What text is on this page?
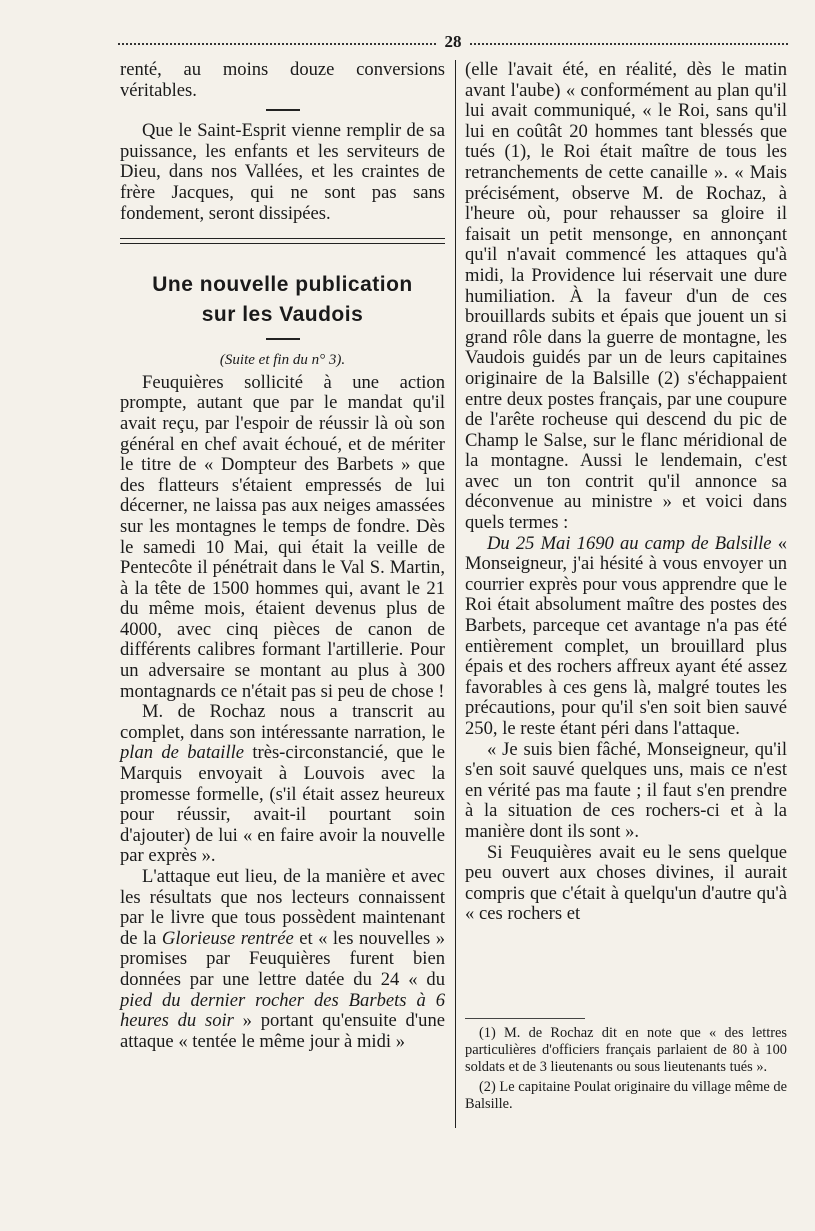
28

renté, au moins douze conversions véritables.

Que le Saint-Esprit vienne remplir de sa puissance, les enfants et les serviteurs de Dieu, dans nos Vallées, et les craintes de frère Jacques, qui ne sont pas sans fondement, seront dissipées.

Une nouvelle publication
sur les Vaudois
(Suite et fin du n° 3).

Feuquières sollicité à une action prompte, autant que par le mandat qu'il avait reçu, par l'espoir de réussir là où son général en chef avait échoué, et de mériter le titre de « Dompteur des Barbets » que des flatteurs s'étaient empressés de lui décerner, ne laissa pas aux neiges amassées sur les montagnes le temps de fondre. Dès le samedi 10 Mai, qui était la veille de Pentecôte il pénétrait dans le Val S. Martin, à la tête de 1500 hommes qui, avant le 21 du même mois, étaient devenus plus de 4000, avec cinq pièces de canon de différents calibres formant l'artillerie. Pour un adversaire se montant au plus à 300 montagnards ce n'était pas si peu de chose !

M. de Rochaz nous a transcrit au complet, dans son intéressante narration, le plan de bataille très-circonstancié, que le Marquis envoyait à Louvois avec la promesse formelle, (s'il était assez heureux pour réussir, avait-il pourtant soin d'ajouter) de lui « en faire avoir la nouvelle par exprès ».

L'attaque eut lieu, de la manière et avec les résultats que nos lecteurs connaissent par le livre que tous possèdent maintenant de la Glorieuse rentrée et « les nouvelles » promises par Feuquières furent bien données par une lettre datée du 24 « du pied du dernier rocher des Barbets à 6 heures du soir » portant qu'ensuite d'une attaque « tentée le même jour à midi »

(elle l'avait été, en réalité, dès le matin avant l'aube) « conformément au plan qu'il lui avait communiqué, « le Roi, sans qu'il lui en coûtât 20 hommes tant blessés que tués (1), le Roi était maître de tous les retranchements de cette canaille ». « Mais précisément, observe M. de Rochaz, à l'heure où, pour rehausser sa gloire il faisait un petit mensonge, en annonçant qu'il n'avait commencé les attaques qu'à midi, la Providence lui réservait une dure humiliation. À la faveur d'un de ces brouillards subits et épais que jouent un si grand rôle dans la guerre de montagne, les Vaudois guidés par un de leurs capitaines originaire de la Balsille (2) s'échappaient entre deux postes français, par une coupure de l'arête rocheuse qui descend du pic de Champ le Salse, sur le flanc méridional de la montagne. Aussi le lendemain, c'est avec un ton contrit qu'il annonce sa déconvenue au ministre » et voici dans quels termes :

Du 25 Mai 1690 au camp de Balsille « Monseigneur, j'ai hésité à vous envoyer un courrier exprès pour vous apprendre que le Roi était absolument maître des postes des Barbets, parceque cet avantage n'a pas été entièrement complet, un brouillard plus épais et des rochers affreux ayant été assez favorables à ces gens là, malgré toutes les précautions, pour qu'il s'en soit bien sauvé 250, le reste étant péri dans l'attaque.

« Je suis bien fâché, Monseigneur, qu'il s'en soit sauvé quelques uns, mais ce n'est en vérité pas ma faute ; il faut s'en prendre à la situation de ces rochers-ci et à la manière dont ils sont ».

Si Feuquières avait eu le sens quelque peu ouvert aux choses divines, il aurait compris que c'était à quelqu'un d'autre qu'à « ces rochers et

(1) M. de Rochaz dit en note que « des lettres particulières d'officiers français parlaient de 80 à 100 soldats et de 3 lieutenants ou sous lieutenants tués ».

(2) Le capitaine Poulat originaire du village même de Balsille.
